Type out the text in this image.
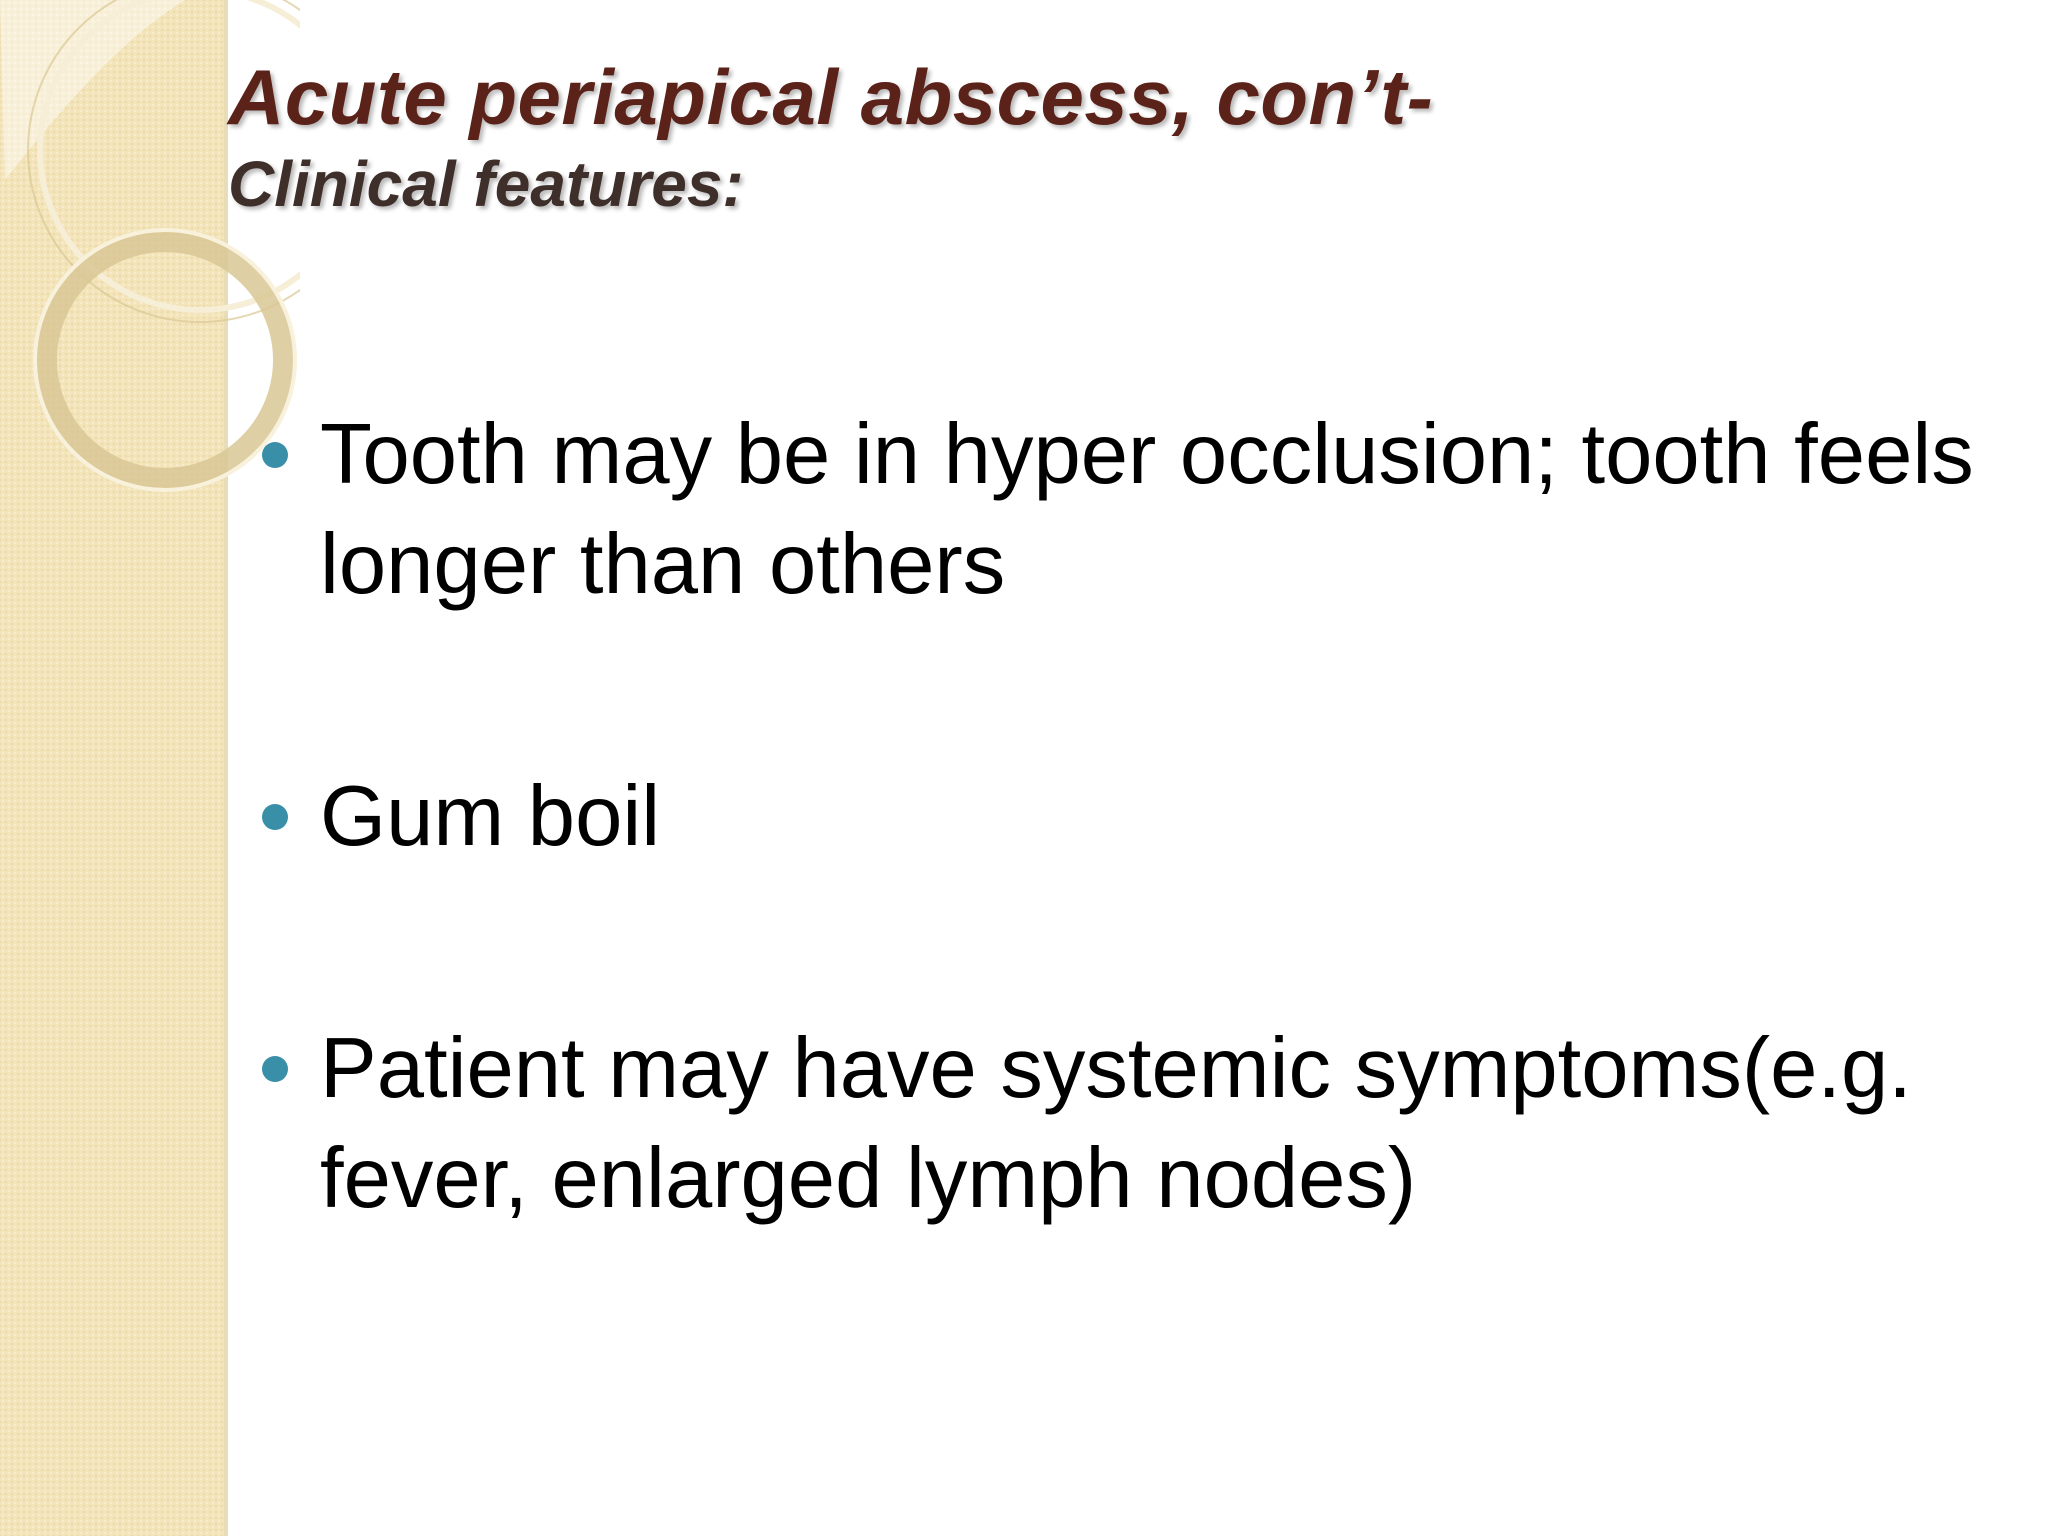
Acute periapical abscess, con’t-
Clinical features:
Tooth may be in hyper occlusion; tooth feels longer than others
Gum boil
Patient may have systemic symptoms(e.g. fever, enlarged lymph nodes)
